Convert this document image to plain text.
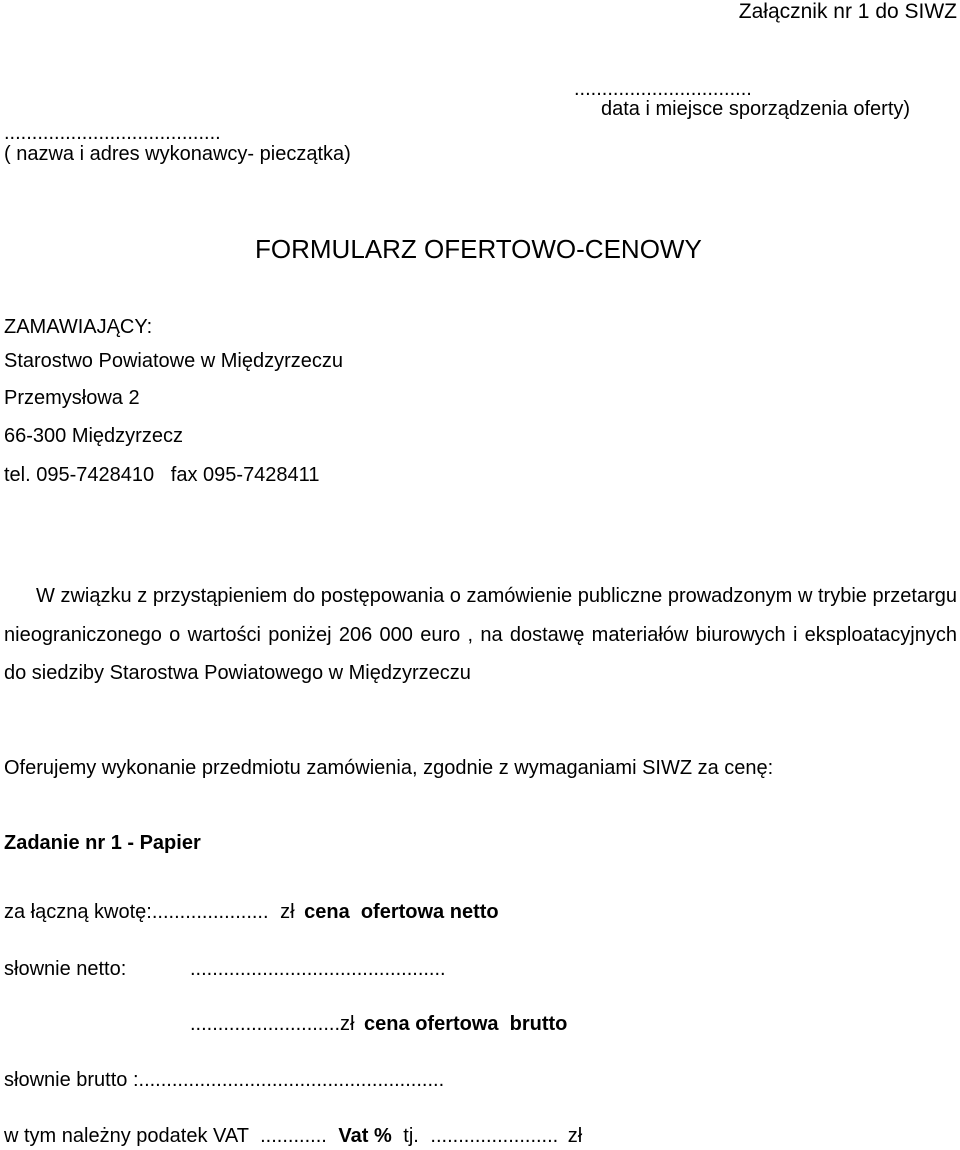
Załącznik nr 1 do SIWZ
................................
data i miejsce sporządzenia oferty)
.......................................
( nazwa i adres wykonawcy- pieczątka)
FORMULARZ OFERTOWO-CENOWY
ZAMAWIAJĄCY:
Starostwo Powiatowe w Międzyrzeczu
Przemysłowa 2
66-300 Międzyrzecz
tel. 095-7428410   fax 095-7428411
W związku z przystąpieniem do postępowania o zamówienie publiczne prowadzonym w trybie przetargu nieograniczonego o wartości poniżej 206 000 euro , na dostawę materiałów biurowych i eksploatacyjnych do siedziby Starostwa Powiatowego w Międzyrzeczu
Oferujemy wykonanie przedmiotu zamówienia, zgodnie z wymaganiami SIWZ za cenę:
Zadanie nr 1 - Papier
za łączną kwotę:..................... zł cena  ofertowa netto
słownie netto:	..............................................
...........................zł cena ofertowa  brutto
słownie brutto :.......................................................
w tym należny podatek VAT ............ Vat % tj. ....................... zł
